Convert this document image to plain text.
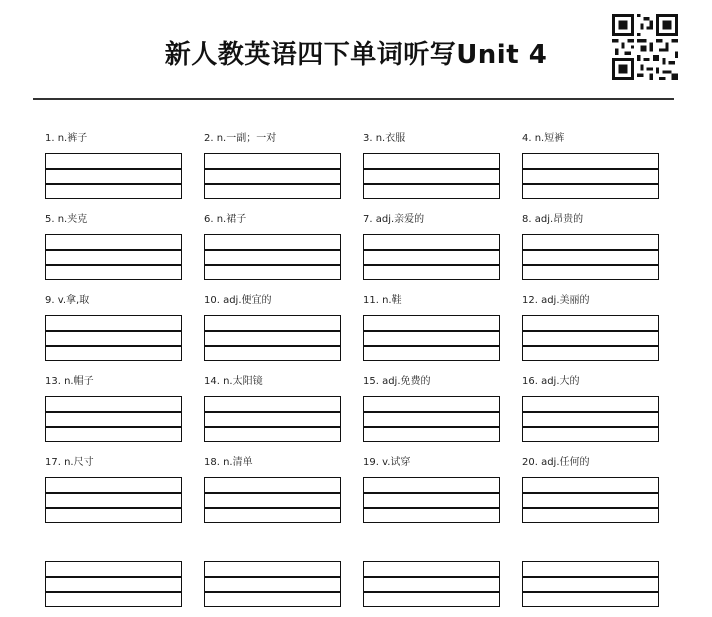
新人教英语四下单词听写Unit 4
1. n.裤子	2. n.一副；一对	3. n.衣服	4. n.短裤
5. n.夹克	6. n.裙子	7. adj.亲爱的	8. adj.昂贵的
9. v.拿,取	10. adj.便宜的	11. n.鞋	12. adj.美丽的
13. n.帽子	14. n.太阳镜	15. adj.免费的	16. adj.大的
17. n.尺寸	18. n.清单	19. v.试穿	20. adj.任何的
